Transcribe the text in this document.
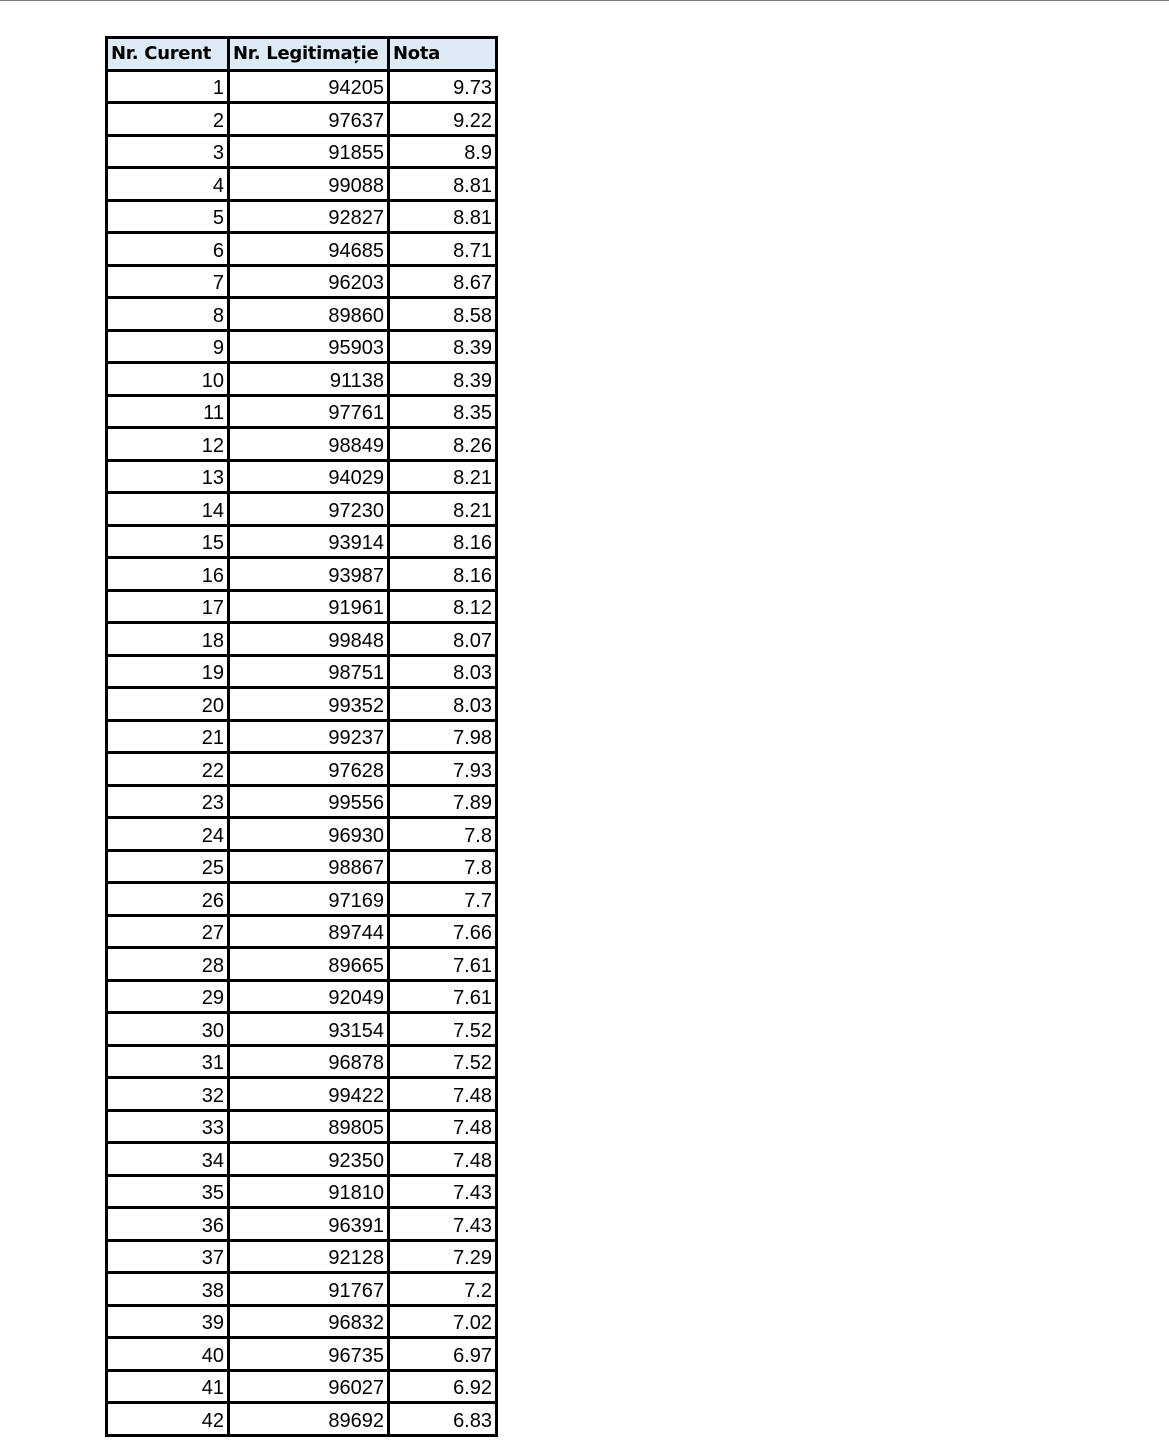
Nr. Curent	Nr. Legitimație	Nota
1	94205	9.73
2	97637	9.22
3	91855	8.9
4	99088	8.81
5	92827	8.81
6	94685	8.71
7	96203	8.67
8	89860	8.58
9	95903	8.39
10	91138	8.39
11	97761	8.35
12	98849	8.26
13	94029	8.21
14	97230	8.21
15	93914	8.16
16	93987	8.16
17	91961	8.12
18	99848	8.07
19	98751	8.03
20	99352	8.03
21	99237	7.98
22	97628	7.93
23	99556	7.89
24	96930	7.8
25	98867	7.8
26	97169	7.7
27	89744	7.66
28	89665	7.61
29	92049	7.61
30	93154	7.52
31	96878	7.52
32	99422	7.48
33	89805	7.48
34	92350	7.48
35	91810	7.43
36	96391	7.43
37	92128	7.29
38	91767	7.2
39	96832	7.02
40	96735	6.97
41	96027	6.92
42	89692	6.83
